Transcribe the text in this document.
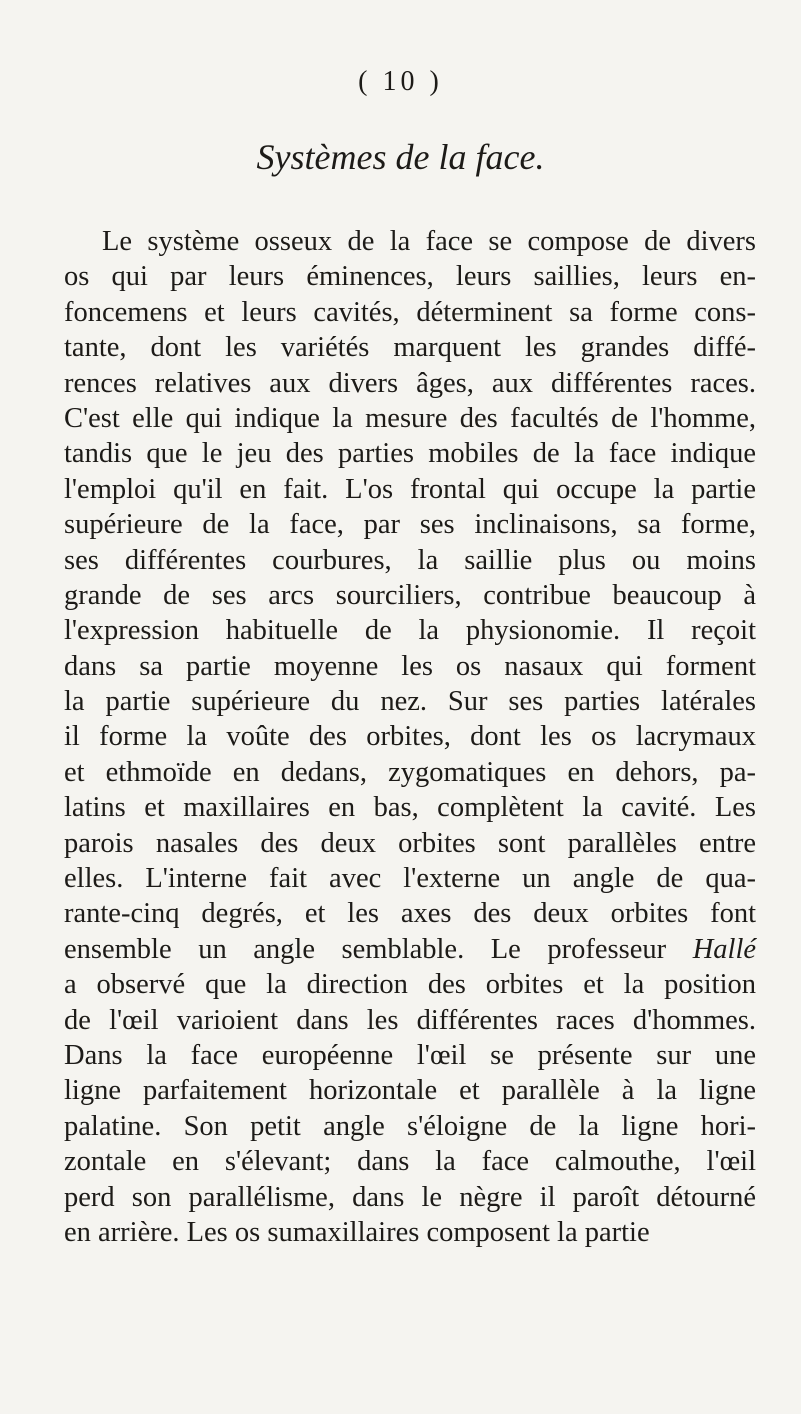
( 10 )
Systèmes de la face.
Le système osseux de la face se compose de divers
os qui par leurs éminences, leurs saillies, leurs en-
foncemens et leurs cavités, déterminent sa forme cons-
tante, dont les variétés marquent les grandes diffé-
rences relatives aux divers âges, aux différentes races.
C'est elle qui indique la mesure des facultés de l'homme,
tandis que le jeu des parties mobiles de la face indique
l'emploi qu'il en fait. L'os frontal qui occupe la partie
supérieure de la face, par ses inclinaisons, sa forme,
ses différentes courbures, la saillie plus ou moins
grande de ses arcs sourciliers, contribue beaucoup à
l'expression habituelle de la physionomie. Il reçoit
dans sa partie moyenne les os nasaux qui forment
la partie supérieure du nez. Sur ses parties latérales
il forme la voûte des orbites, dont les os lacrymaux
et ethmoïde en dedans, zygomatiques en dehors, pa-
latins et maxillaires en bas, complètent la cavité. Les
parois nasales des deux orbites sont parallèles entre
elles. L'interne fait avec l'externe un angle de qua-
rante-cinq degrés, et les axes des deux orbites font
ensemble un angle semblable. Le professeur Hallé
a observé que la direction des orbites et la position
de l'œil varioient dans les différentes races d'hommes.
Dans la face européenne l'œil se présente sur une
ligne parfaitement horizontale et parallèle à la ligne
palatine. Son petit angle s'éloigne de la ligne hori-
zontale en s'élevant; dans la face calmouthe, l'œil
perd son parallélisme, dans le nègre il paroît détourné
en arrière. Les os sumaxillaires composent la partie
